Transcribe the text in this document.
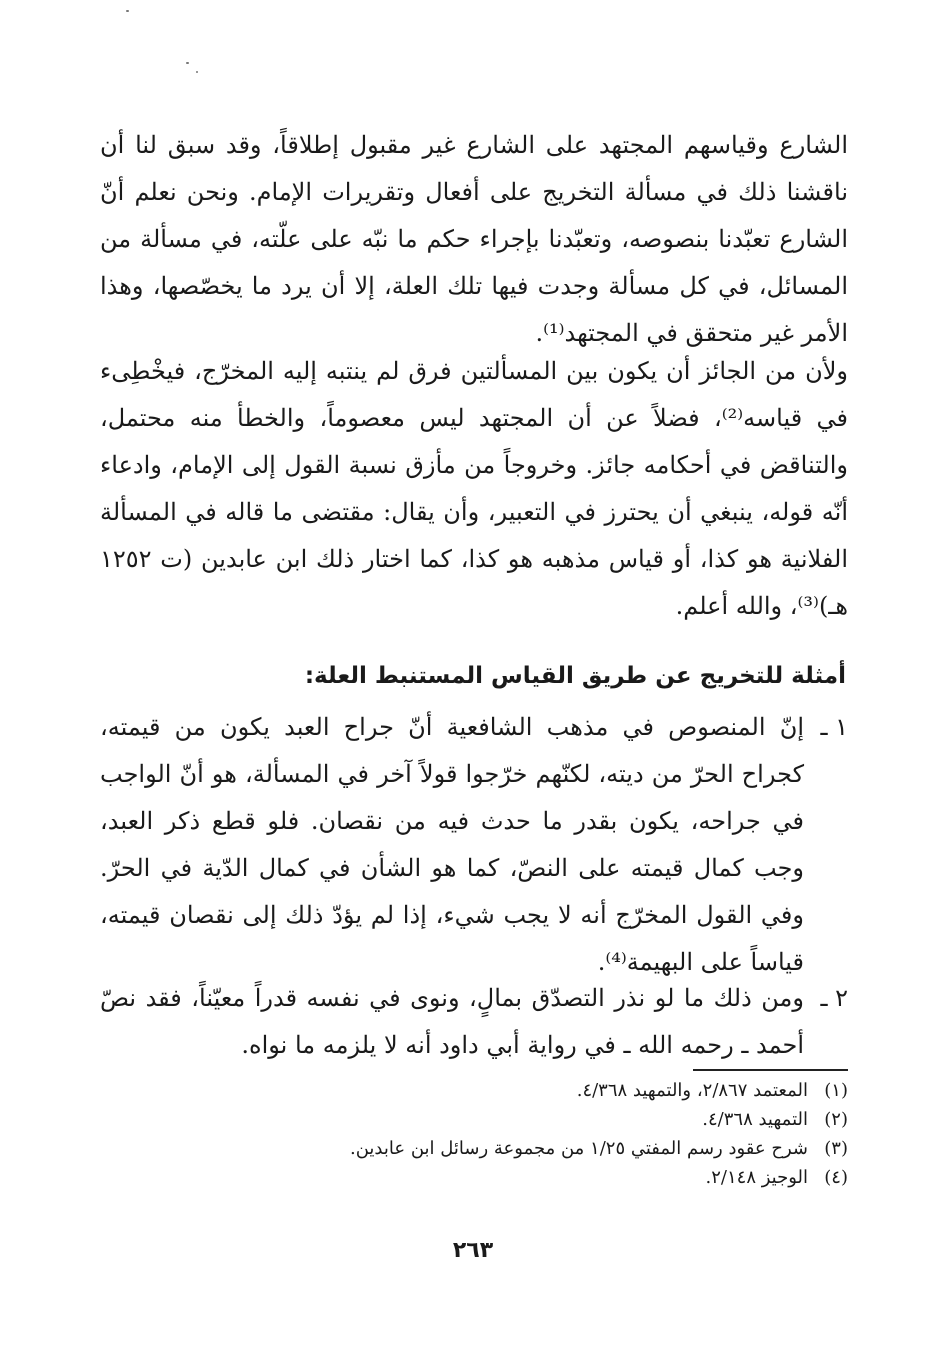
الشارع وقياسهم المجتهد على الشارع غير مقبول إطلاقاً، وقد سبق لنا أن ناقشنا ذلك في مسألة التخريج على أفعال وتقريرات الإمام. ونحن نعلم أنّ الشارع تعبّدنا بنصوصه، وتعبّدنا بإجراء حكم ما نبّه على علّته، في مسألة من المسائل، في كل مسألة وجدت فيها تلك العلة، إلا أن يرد ما يخصّصها، وهذا الأمر غير متحقق في المجتهد⁽¹⁾.

ولأن من الجائز أن يكون بين المسألتين فرق لم ينتبه إليه المخرّج، فيخْطِىء في قياسه⁽²⁾، فضلاً عن أن المجتهد ليس معصوماً، والخطأ منه محتمل، والتناقض في أحكامه جائز. وخروجاً من مأزق نسبة القول إلى الإمام، وادعاء أنّه قوله، ينبغي أن يحترز في التعبير، وأن يقال: مقتضى ما قاله في المسألة الفلانية هو كذا، أو قياس مذهبه هو كذا، كما اختار ذلك ابن عابدين (ت ١٢٥٢ هـ)⁽³⁾، والله أعلم.

أمثلة للتخريج عن طريق القياس المستنبط العلة:
١ ـ
إنّ المنصوص في مذهب الشافعية أنّ جراح العبد يكون من قيمته، كجراح الحرّ من ديته، لكنّهم خرّجوا قولاً آخر في المسألة، هو أنّ الواجب في جراحه، يكون بقدر ما حدث فيه من نقصان. فلو قطع ذكر العبد، وجب كمال قيمته على النصّ، كما هو الشأن في كمال الدّية في الحرّ. وفي القول المخرّج أنه لا يجب شيء، إذا لم يؤدّ ذلك إلى نقصان قيمته، قياساً على البهيمة⁽⁴⁾.
٢ ـ
ومن ذلك ما لو نذر التصدّق بمالٍ، ونوى في نفسه قدراً معيّناً، فقد نصّ أحمد ـ رحمه الله ـ في رواية أبي داود أنه لا يلزمه ما نواه.
(١)
المعتمد ٢/٨٦٧، والتمهيد ٤/٣٦٨.
(٢)
التمهيد ٤/٣٦٨.
(٣)
شرح عقود رسم المفتي ١/٢٥ من مجموعة رسائل ابن عابدين.
(٤)
الوجيز ٢/١٤٨.
٢٦٣
